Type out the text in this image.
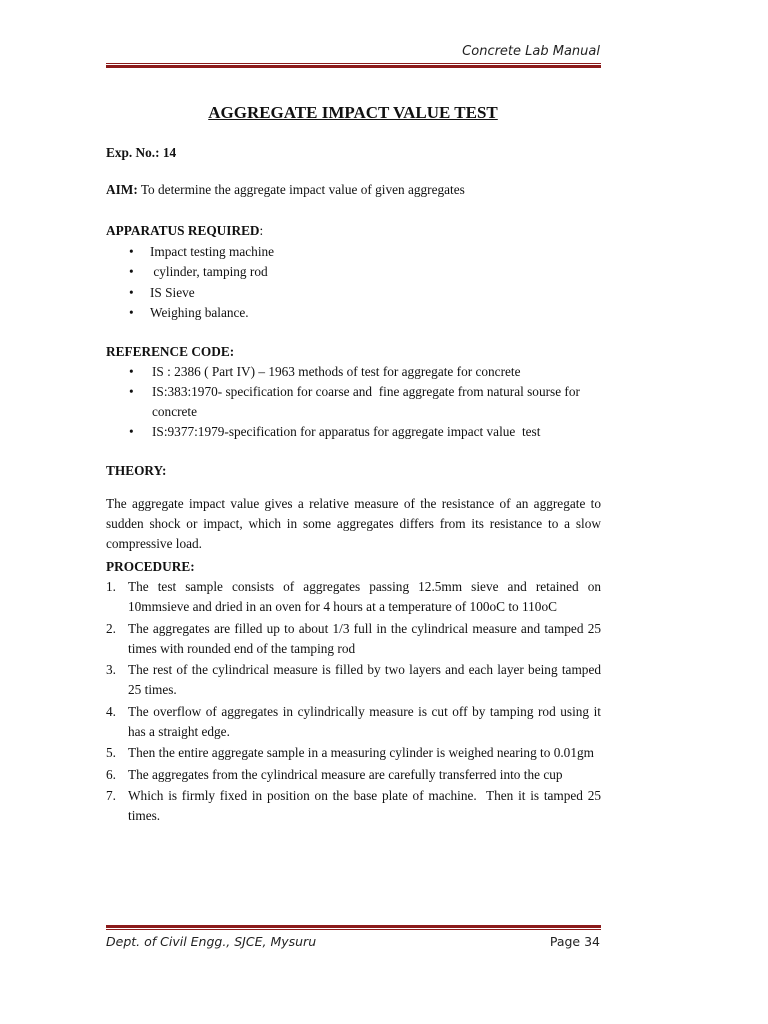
Concrete Lab Manual
AGGREGATE IMPACT VALUE TEST
Exp. No.: 14
AIM: To determine the aggregate impact value of given aggregates
APPARATUS REQUIRED:
• Impact testing machine
•  cylinder, tamping rod
• IS Sieve
• Weighing balance.
REFERENCE CODE:
• IS : 2386 ( Part IV) – 1963 methods of test for aggregate for concrete
• IS:383:1970- specification for coarse and  fine aggregate from natural sourse for concrete
• IS:9377:1979-specification for apparatus for aggregate impact value  test
THEORY:

The aggregate impact value gives a relative measure of the resistance of an aggregate to sudden shock or impact, which in some aggregates differs from its resistance to a slow compressive load.

PROCEDURE:
1. The test sample consists of aggregates passing 12.5mm sieve and retained on 10mmsieve and dried in an oven for 4 hours at a temperature of 100oC to 110oC
2. The aggregates are filled up to about 1/3 full in the cylindrical measure and tamped 25 times with rounded end of the tamping rod
3. The rest of the cylindrical measure is filled by two layers and each layer being tamped 25 times.
4. The overflow of aggregates in cylindrically measure is cut off by tamping rod using it has a straight edge.
5. Then the entire aggregate sample in a measuring cylinder is weighed nearing to 0.01gm
6. The aggregates from the cylindrical measure are carefully transferred into the cup
7. Which is firmly fixed in position on the base plate of machine.  Then it is tamped 25 times.
Dept. of Civil Engg., SJCE, Mysuru	Page 34
